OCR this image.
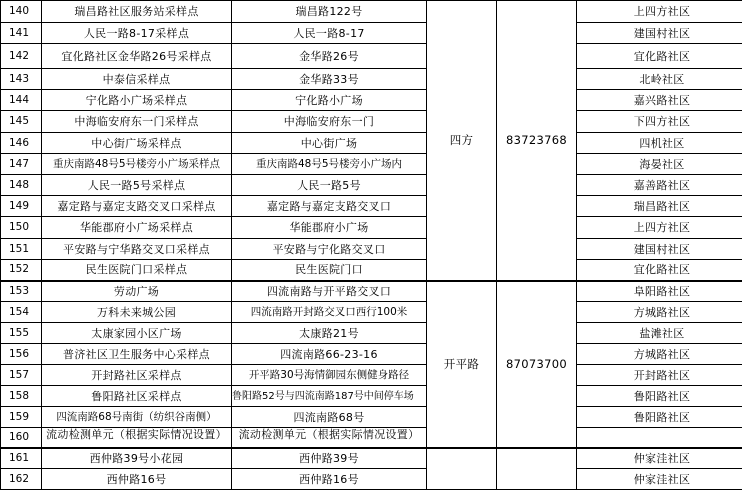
140	瑞昌路社区服务站采样点	瑞昌路122号	四方	83723768	上四方社区
141	人民一路8-17采样点	人民一路8-17			建国村社区
142	宜化路社区金华路26号采样点	金华路26号			宜化路社区
143	中泰信采样点	金华路33号			北岭社区
144	宁化路小广场采样点	宁化路小广场			嘉兴路社区
145	中海临安府东一门采样点	中海临安府东一门			下四方社区
146	中心街广场采样点	中心街广场			四机社区
147	重庆南路48号5号楼旁小广场采样点	重庆南路48号5号楼旁小广场内			海晏社区
148	人民一路5号采样点	人民一路5号			嘉善路社区
149	嘉定路与嘉定支路交叉口采样点	嘉定路与嘉定支路交叉口			瑞昌路社区
150	华能郡府小广场采样点	华能郡府小广场			上四方社区
151	平安路与宁华路交叉口采样点	平安路与宁化路交叉口			建国村社区
152	民生医院门口采样点	民生医院门口			宜化路社区
153	劳动广场	四流南路与开平路交叉口	开平路	87073700	阜阳路社区
154	万科未来城公园	四流南路开封路交叉口西行100米			方城路社区
155	太康家园小区广场	太康路21号			盐滩社区
156	普济社区卫生服务中心采样点	四流南路66-23-16			方城路社区
157	开封路社区采样点	开平路30号海情御园东侧健身路径			开封路社区
158	鲁阳路社区采样点	鲁阳路52号与四流南路187号中间停车场			鲁阳路社区
159	四流南路68号南街（纺织谷南侧）	四流南路68号			鲁阳路社区
160	流动检测单元（根据实际情况设置）	流动检测单元（根据实际情况设置）			
161	西仲路39号小花园	西仲路39号			仲家洼社区
162	西仲路16号	西仲路16号			仲家洼社区
